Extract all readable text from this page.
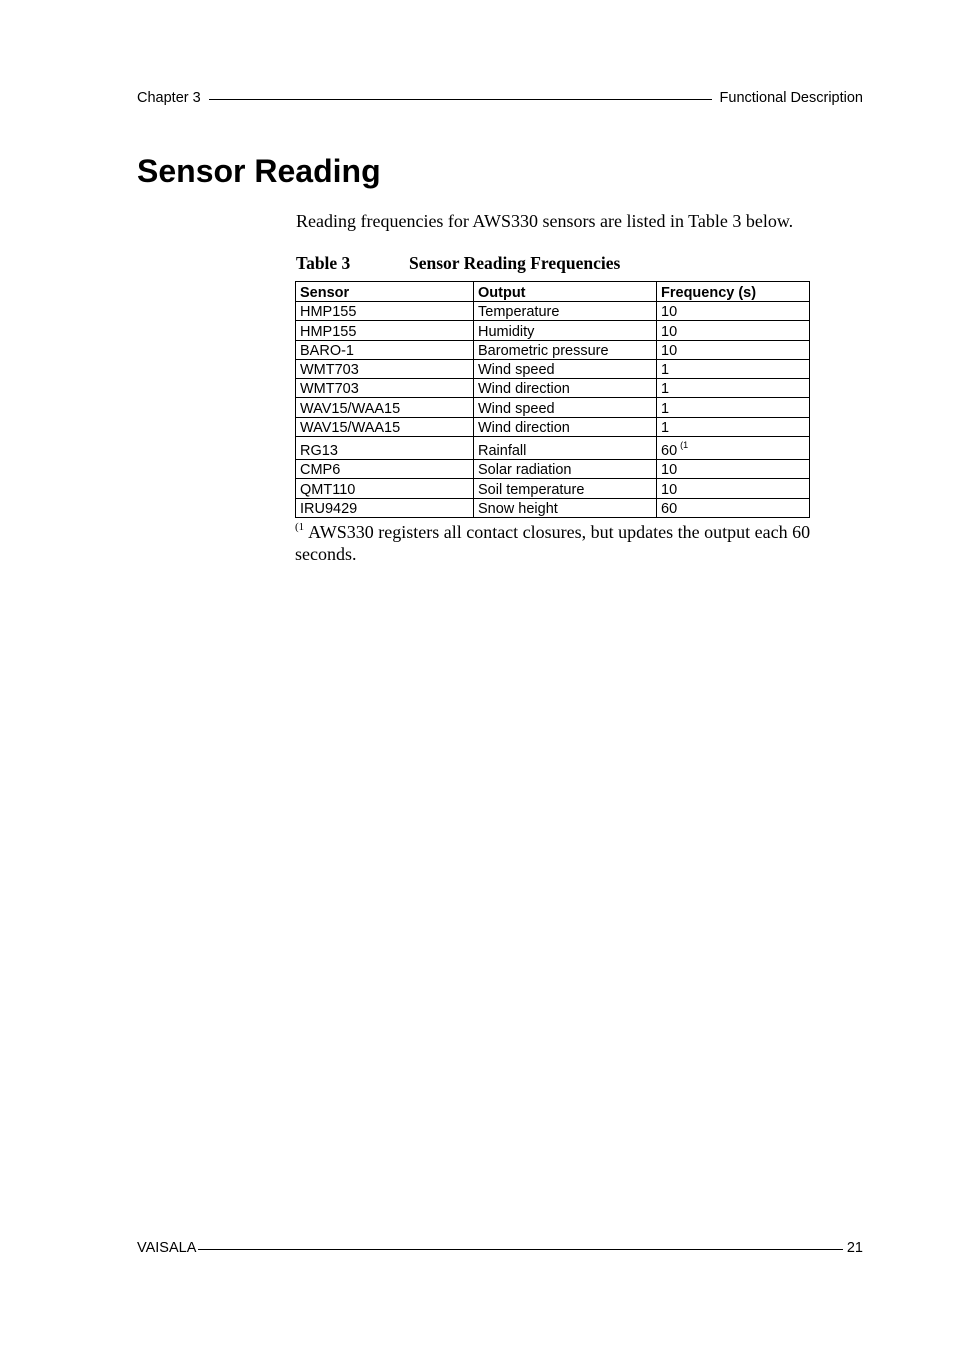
Chapter 3	Functional Description
Sensor Reading

Reading frequencies for AWS330 sensors are listed in Table 3 below.

Table 3	Sensor Reading Frequencies
Sensor	Output	Frequency (s)
HMP155	Temperature	10
HMP155	Humidity	10
BARO-1	Barometric pressure	10
WMT703	Wind speed	1
WMT703	Wind direction	1
WAV15/WAA15	Wind speed	1
WAV15/WAA15	Wind direction	1
RG13	Rainfall	60 $^{(1}$
CMP6	Solar radiation	10
QMT110	Soil temperature	10
IRU9429	Snow height	60

$^{(1}$ AWS330 registers all contact closures, but updates the output each 60 seconds.

VAISALA	21
